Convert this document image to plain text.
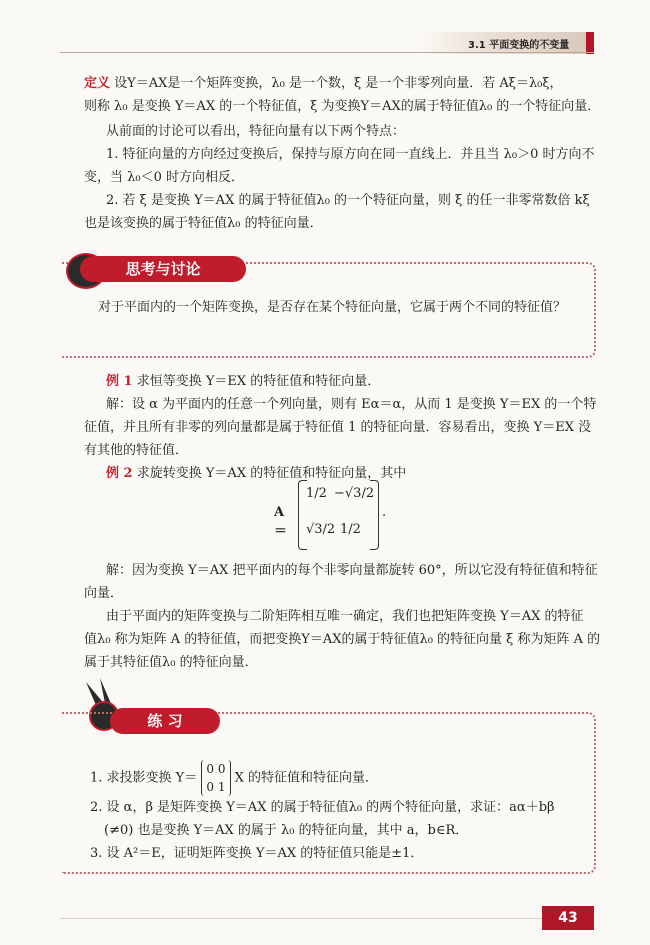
3.1 平面变换的不变量
定义 设Y＝AX是一个矩阵变换，λ₀ 是一个数，ξ 是一个非零列向量．若 Aξ＝λ₀ξ，
则称 λ₀ 是变换 Y＝AX 的一个特征值，ξ 为变换Y＝AX的属于特征值λ₀ 的一个特征向量．
从前面的讨论可以看出，特征向量有以下两个特点：
1. 特征向量的方向经过变换后，保持与原方向在同一直线上．并且当 λ₀＞0 时方向不
变，当 λ₀＜0 时方向相反．
2. 若 ξ 是变换 Y＝AX 的属于特征值λ₀ 的一个特征向量，则 ξ 的任一非零常数倍 kξ
也是该变换的属于特征值λ₀ 的特征向量．
思考与讨论
对于平面内的一个矩阵变换，是否存在某个特征向量，它属于两个不同的特征值？
例 1 求恒等变换 Y＝EX 的特征值和特征向量．
解：设 α 为平面内的任意一个列向量，则有 Eα＝α，从而 1 是变换 Y＝EX 的一个特
征值，并且所有非零的列向量都是属于特征值 1 的特征向量．容易看出，变换 Y＝EX 没
有其他的特征值．
例 2 求旋转变换 Y＝AX 的特征值和特征向量，其中
A＝
1/2 −√3/2
√3/2 1/2
.
解：因为变换 Y＝AX 把平面内的每个非零向量都旋转 60°，所以它没有特征值和特征
向量．
由于平面内的矩阵变换与二阶矩阵相互唯一确定，我们也把矩阵变换 Y＝AX 的特征
值λ₀ 称为矩阵 A 的特征值，而把变换Y＝AX的属于特征值λ₀ 的特征向量 ξ 称为矩阵 A 的
属于其特征值λ₀ 的特征向量．
练 习
1. 求投影变换 Y＝
0 0
0 1
X 的特征值和特征向量．
2. 设 α，β 是矩阵变换 Y＝AX 的属于特征值λ₀ 的两个特征向量，求证：aα＋bβ
(≠0) 也是变换 Y＝AX 的属于 λ₀ 的特征向量，其中 a，b∈R．
3. 设 A²＝E，证明矩阵变换 Y＝AX 的特征值只能是±1．
43
